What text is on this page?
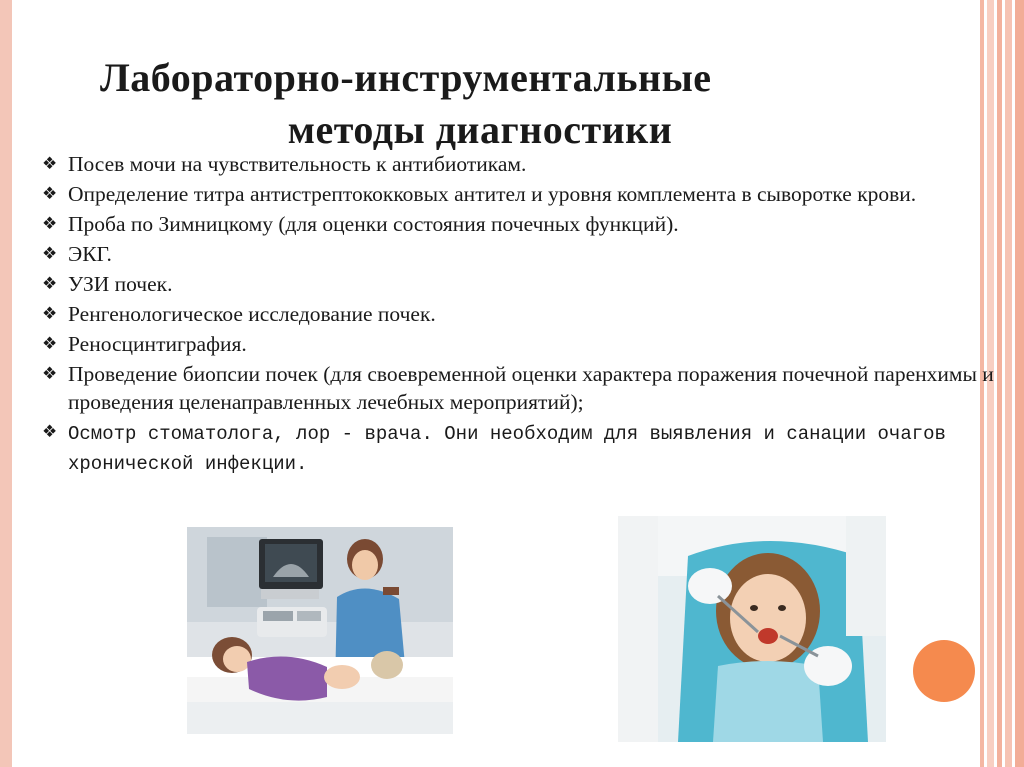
Лабораторно-инструментальные
методы диагностики
❖ Посев мочи на чувствительность к антибиотикам.
❖ Определение титра антистрептококковых антител и уровня комплемента в сыворотке крови.
❖ Проба по Зимницкому (для оценки состояния почечных функций).
❖ ЭКГ.
❖ УЗИ почек.
❖ Ренгенологическое исследование почек.
❖ Реносцинтиграфия.
❖ Проведение биопсии почек (для своевременной оценки характера поражения почечной паренхимы и проведения целенаправленных лечебных мероприятий);
❖ Осмотр стоматолога, лор - врача. Они необходим для выявления и санации очагов хронической инфекции.
